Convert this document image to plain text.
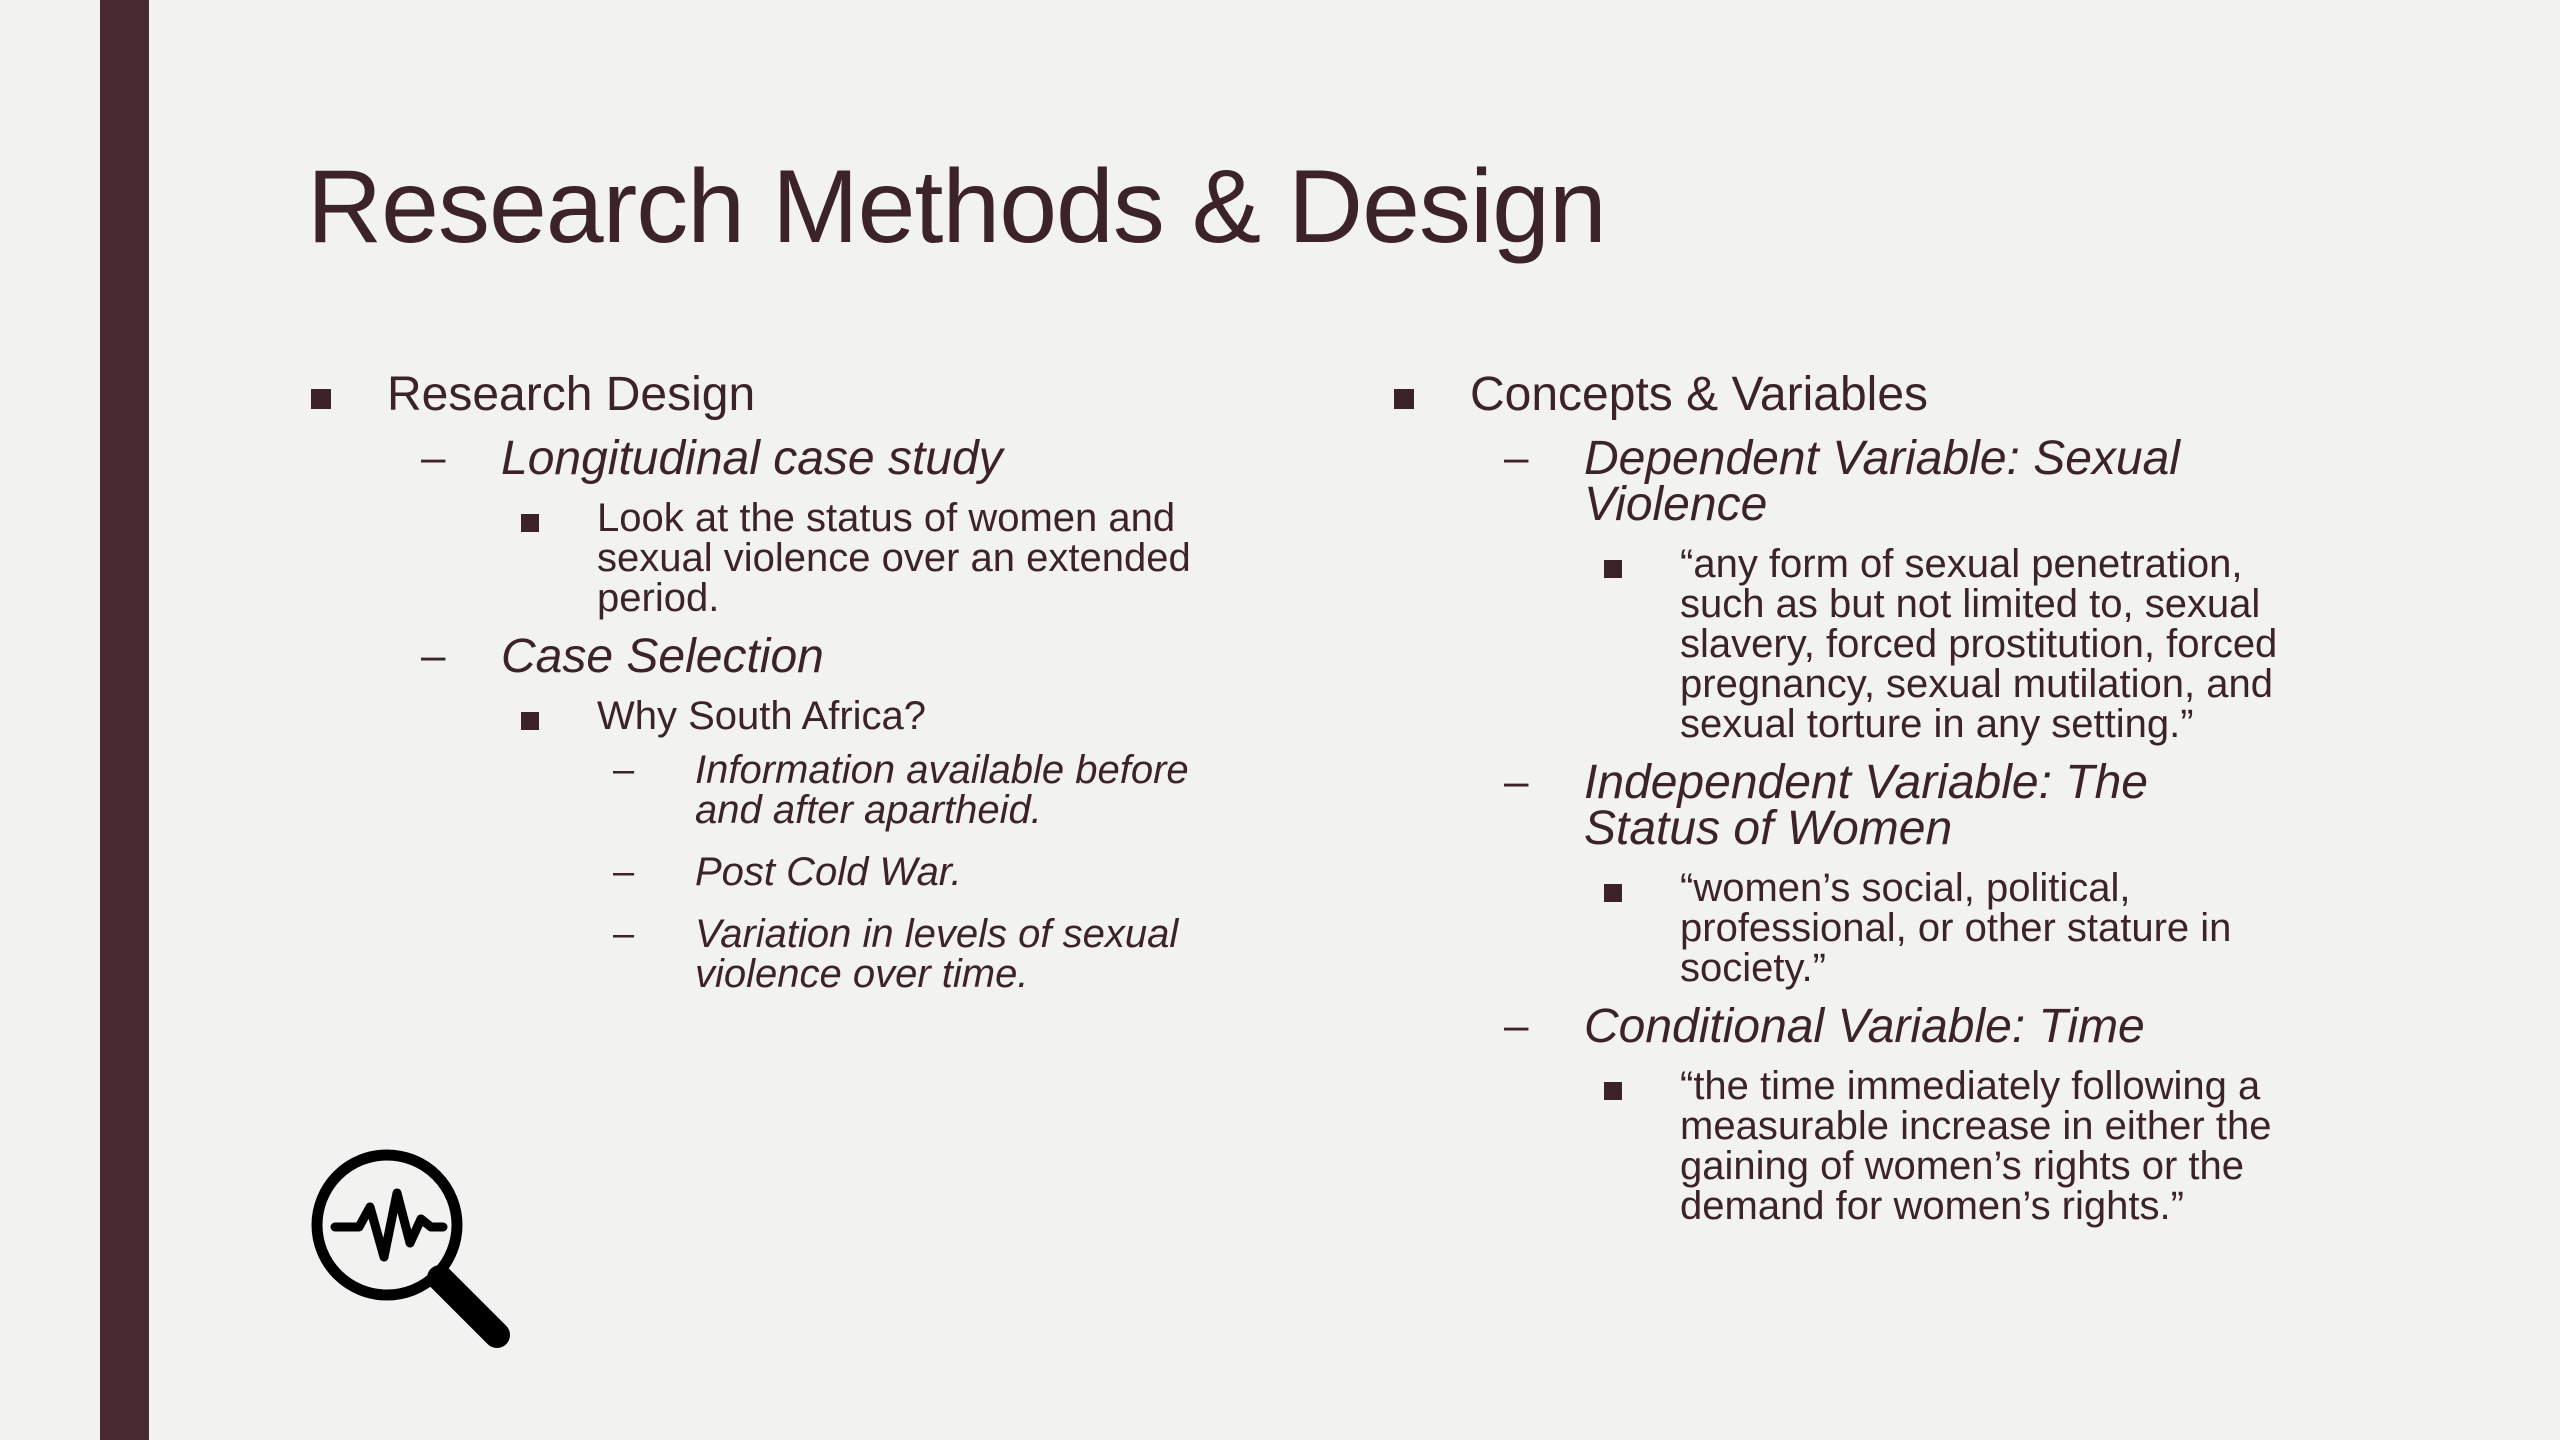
Research Methods & Design
Research Design
– Longitudinal case study
Look at the status of women and sexual violence over an extended period.
– Case Selection
Why South Africa?
– Information available before and after apartheid.
– Post Cold War.
– Variation in levels of sexual violence over time.
Concepts & Variables
– Dependent Variable: Sexual Violence
“any form of sexual penetration, such as but not limited to, sexual slavery, forced prostitution, forced pregnancy, sexual mutilation, and sexual torture in any setting.”
– Independent Variable: The Status of Women
“women’s social, political, professional, or other stature in society.”
– Conditional Variable: Time
“the time immediately following a measurable increase in either the gaining of women’s rights or the demand for women’s rights.”
